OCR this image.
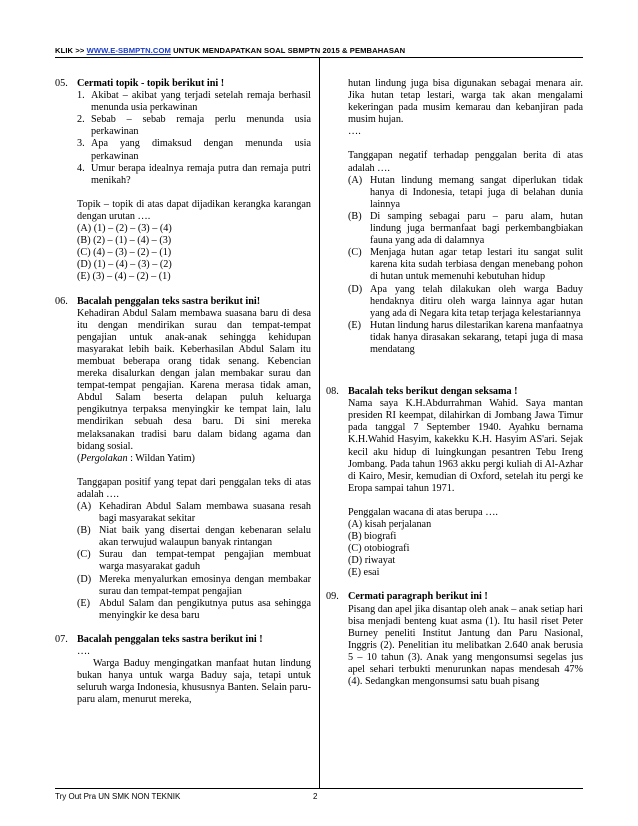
KLIK >> WWW.E-SBMPTN.COM UNTUK MENDAPATKAN SOAL SBMPTN 2015 & PEMBAHASAN
05. Cermati topik - topik berikut ini !
1. Akibat – akibat yang terjadi setelah remaja berhasil menunda usia perkawinan
2. Sebab – sebab remaja perlu menunda usia perkawinan
3. Apa yang dimaksud dengan menunda usia perkawinan
4. Umur berapa idealnya remaja putra dan remaja putri menikah?

Topik – topik di atas dapat dijadikan kerangka karangan dengan urutan ….

(A) (1) – (2) – (3) – (4)
(B) (2) – (1) – (4) – (3)
(C) (4) – (3) – (2) – (1)
(D) (1) – (4) – (3) – (2)
(E) (3) – (4) – (2) – (1)
06. Bacalah penggalan teks sastra berikut ini!

Kehadiran Abdul Salam membawa suasana baru di desa itu dengan mendirikan surau dan tempat-tempat pengajian untuk anak-anak sehingga kehidupan masyarakat lebih baik. Keberhasilan Abdul Salam itu membuat beberapa orang tidak senang. Kebencian mereka disalurkan dengan jalan membakar surau dan tempat-tempat pengajian. Karena merasa tidak aman, Abdul Salam beserta delapan puluh keluarga pengikutnya terpaksa menyingkir ke tempat lain, lalu mendirikan sebuah desa baru. Di sini mereka melaksanakan tradisi baru dalam bidang agama dan bidang sosial.

(Pergolakan : Wildan Yatim)

Tanggapan positif yang tepat dari penggalan teks di atas adalah ….

(A) Kehadiran Abdul Salam membawa suasana resah bagi masyarakat sekitar
(B) Niat baik yang disertai dengan kebenaran selalu akan terwujud walaupun banyak rintangan
(C) Surau dan tempat-tempat pengajian membuat warga masyarakat gaduh
(D) Mereka menyalurkan emosinya dengan membakar surau dan tempat-tempat pengajian
(E) Abdul Salam dan pengikutnya putus asa sehingga menyingkir ke desa baru
07. Bacalah penggalan teks sastra berikut ini !

….

Warga Baduy mengingatkan manfaat hutan lindung bukan hanya untuk warga Baduy saja, tetapi untuk seluruh warga Indonesia, khususnya Banten. Selain paru-paru alam, menurut mereka,

hutan lindung juga bisa digunakan sebagai menara air. Jika hutan tetap lestari, warga tak akan mengalami kekeringan pada musim kemarau dan kebanjiran pada musim hujan.

….

Tanggapan negatif terhadap penggalan berita di atas adalah ….

(A) Hutan lindung memang sangat diperlukan tidak hanya di Indonesia, tetapi juga di belahan dunia lainnya
(B) Di samping sebagai paru – paru alam, hutan lindung juga bermanfaat bagi perkembangbiakan fauna yang ada di dalamnya
(C) Menjaga hutan agar tetap lestari itu sangat sulit karena kita sudah terbiasa dengan menebang pohon di hutan untuk memenuhi kebutuhan hidup
(D) Apa yang telah dilakukan oleh warga Baduy hendaknya ditiru oleh warga lainnya agar hutan yang ada di Negara kita tetap terjaga kelestariannya
(E) Hutan lindung harus dilestarikan karena manfaatnya tidak hanya dirasakan sekarang, tetapi juga di masa mendatang
08. Bacalah teks berikut dengan seksama !

Nama saya K.H.Abdurrahman Wahid. Saya mantan presiden RI keempat, dilahirkan di Jombang Jawa Timur pada tanggal 7 September 1940. Ayahku bernama K.H.Wahid Hasyim, kakekku K.H. Hasyim AS'ari. Sejak kecil aku hidup di luingkungan pesantren Tebu Ireng Jombang. Pada tahun 1963 akku pergi kuliah di Al-Azhar di Kairo, Mesir, kemudian di Oxford, setelah itu pergi ke Eropa sampai tahun 1971.

Penggalan wacana di atas berupa ….

(A) kisah perjalanan
(B) biografi
(C) otobiografi
(D) riwayat
(E) esai
09. Cermati paragraph berikut ini !

Pisang dan apel jika disantap oleh anak – anak setiap hari bisa menjadi benteng kuat asma (1). Itu hasil riset Peter Burney peneliti Institut Jantung dan Paru Nasional, Inggris (2). Penelitian itu melibatkan 2.640 anak berusia 5 – 10 tahun (3). Anak yang mengonsumsi segelas jus apel sehari terbukti menurunkan napas mendesah 47% (4). Sedangkan mengonsumsi satu buah pisang

Try Out Pra UN SMK NON TEKNIK	2
